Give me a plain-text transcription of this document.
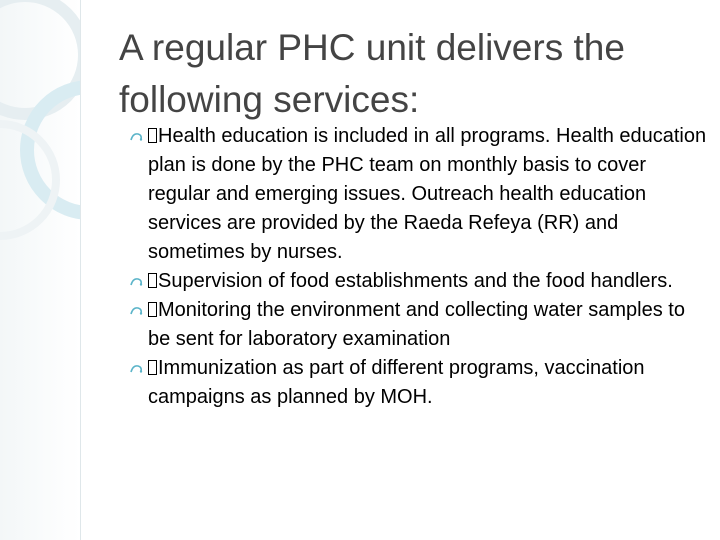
A regular PHC unit delivers the following services:
Health education is included in all programs. Health education plan is done by the PHC team on monthly basis to cover regular and emerging issues. Outreach health education services are provided by the Raeda Refeya (RR) and sometimes by nurses.
Supervision of food establishments and the food handlers.
Monitoring the environment and collecting water samples to be sent for laboratory examination
Immunization as part of different programs, vaccination campaigns as planned by MOH.
